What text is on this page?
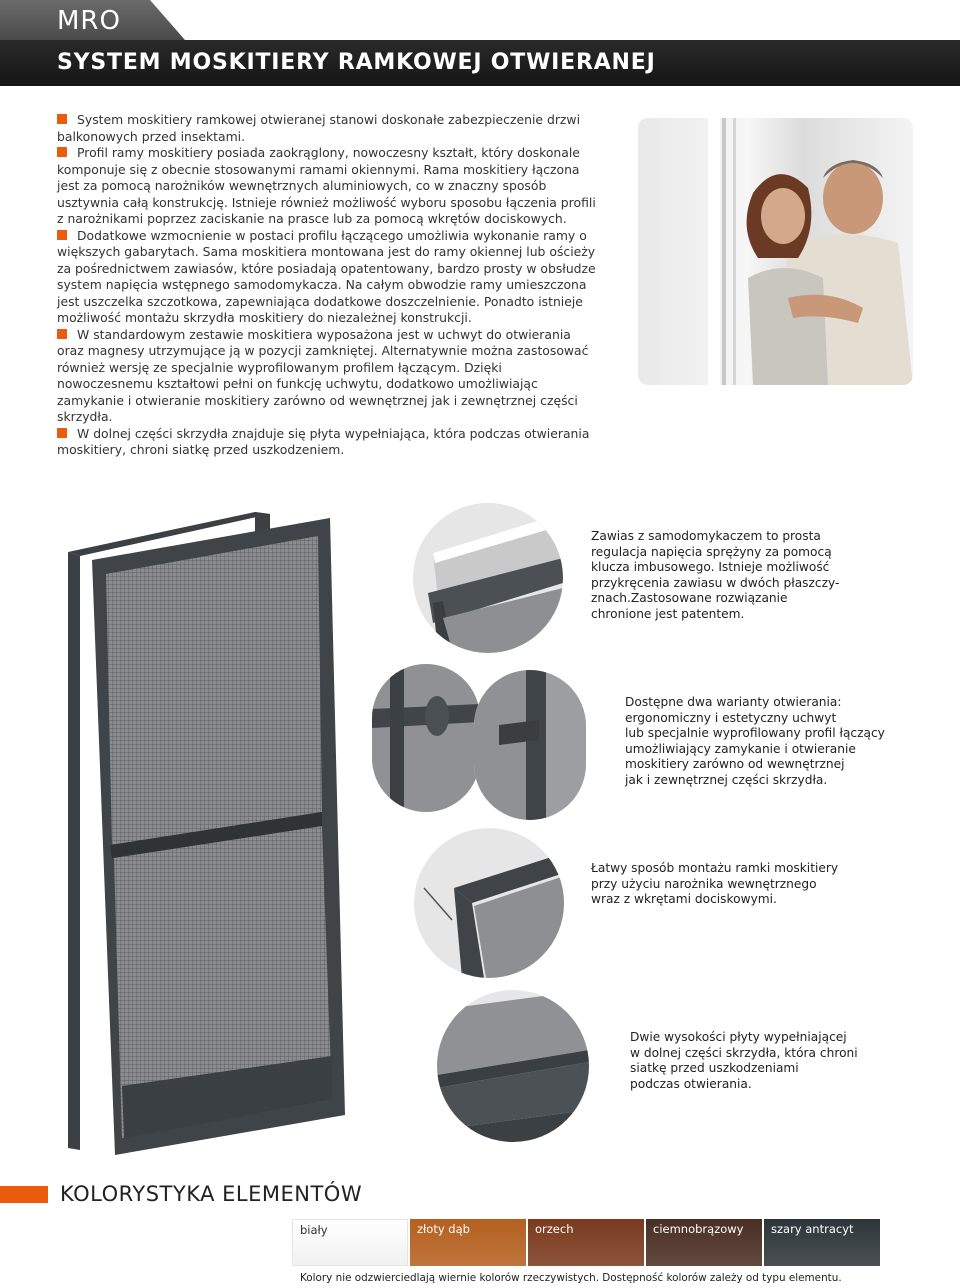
MRO
SYSTEM MOSKITIERY RAMKOWEJ OTWIERANEJ

System moskitiery ramkowej otwieranej stanowi doskonałe zabezpieczenie drzwi balkonowych przed insektami.

Profil ramy moskitiery posiada zaokrąglony, nowoczesny kształt, który doskonale komponuje się z obecnie stosowanymi ramami okiennymi. Rama moskitiery łączona jest za pomocą narożników wewnętrznych aluminiowych, co w znaczny sposób usztywnia całą konstrukcję. Istnieje również możliwość wyboru sposobu łączenia profili z narożnikami poprzez zaciskanie na prasce lub za pomocą wkrętów dociskowych.

Dodatkowe wzmocnienie w postaci profilu łączącego umożliwia wykonanie ramy o większych gabarytach. Sama moskitiera montowana jest do ramy okiennej lub ościeży za pośrednictwem zawiasów, które posiadają opatentowany, bardzo prosty w obsłudze system napięcia wstępnego samodomykacza. Na całym obwodzie ramy umieszczona jest uszczelka szczotkowa, zapewniająca dodatkowe doszczelnienie. Ponadto istnieje możliwość montażu skrzydła moskitiery do niezależnej konstrukcji.

W standardowym zestawie moskitiera wyposażona jest w uchwyt do otwierania oraz magnesy utrzymujące ją w pozycji zamkniętej. Alternatywnie można zastosować również wersję ze specjalnie wyprofilowanym profilem łączącym. Dzięki nowoczesnemu kształtowi pełni on funkcję uchwytu, dodatkowo umożliwiając zamykanie i otwieranie moskitiery zarówno od wewnętrznej jak i zewnętrznej części skrzydła.

W dolnej części skrzydła znajduje się płyta wypełniająca, która podczas otwierania moskitiery, chroni siatkę przed uszkodzeniem.

Zawias z samodomykaczem to prosta
regulacja napięcia sprężyny za pomocą
klucza imbusowego. Istnieje możliwość
przykręcenia zawiasu w dwóch płaszczy-
znach.Zastosowane rozwiązanie
chronione jest patentem.
Dostępne dwa warianty otwierania:
ergonomiczny i estetyczny uchwyt
lub specjalnie wyprofilowany profil łączący
umożliwiający zamykanie i otwieranie
moskitiery zarówno od wewnętrznej
jak i zewnętrznej części skrzydła.
Łatwy sposób montażu ramki moskitiery
przy użyciu narożnika wewnętrznego
wraz z wkrętami dociskowymi.
Dwie wysokości płyty wypełniającej
w dolnej części skrzydła, która chroni
siatkę przed uszkodzeniami
podczas otwierania.
KOLORYSTYKA ELEMENTÓW
biały	złoty dąb	orzech	ciemnobrązowy szary antracyt
Kolory nie odzwierciedlają wiernie kolorów rzeczywistych. Dostępność kolorów zależy od typu elementu.
